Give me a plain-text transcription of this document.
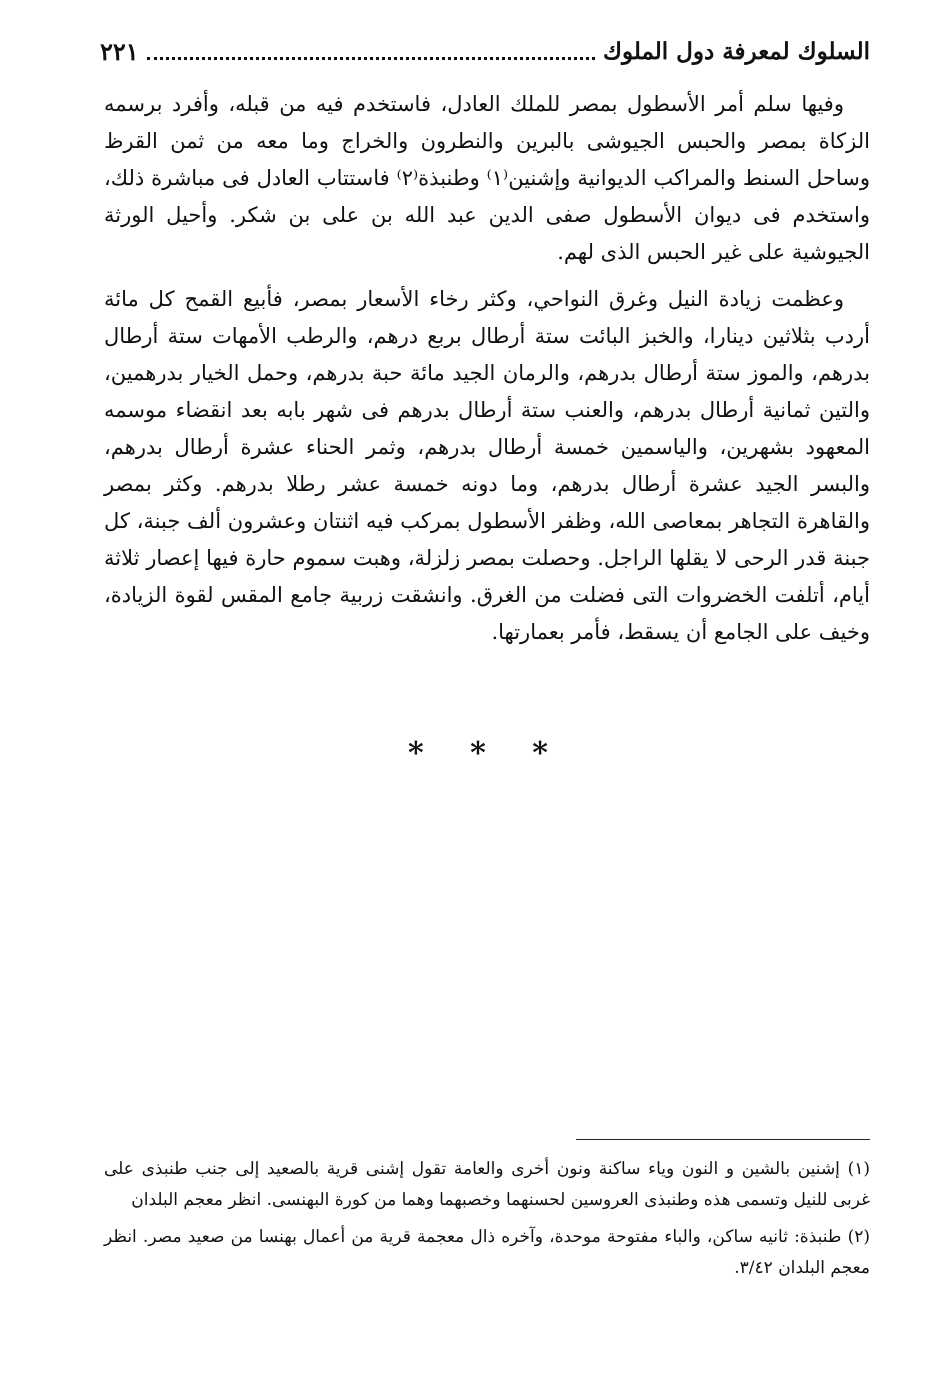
السلوك لمعرفة دول الملوك
٢٢١

وفيها سلم أمر الأسطول بمصر للملك العادل، فاستخدم فيه من قبله، وأفرد برسمه الزكاة بمصر والحبس الجيوشى بالبرين والنطرون والخراج وما معه من ثمن القرظ وساحل السنط والمراكب الديوانية وإشنين⁽١⁾ وطنبذة⁽٢⁾ فاستتاب العادل فى مباشرة ذلك، واستخدم فى ديوان الأسطول صفى الدين عبد الله بن على بن شكر. وأحيل الورثة الجيوشية على غير الحبس الذى لهم.

وعظمت زيادة النيل وغرق النواحي، وكثر رخاء الأسعار بمصر، فأبيع القمح كل مائة أردب بثلاثين دينارا، والخبز البائت ستة أرطال بربع درهم، والرطب الأمهات ستة أرطال بدرهم، والموز ستة أرطال بدرهم، والرمان الجيد مائة حبة بدرهم، وحمل الخيار بدرهمين، والتين ثمانية أرطال بدرهم، والعنب ستة أرطال بدرهم فى شهر بابه بعد انقضاء موسمه المعهود بشهرين، والياسمين خمسة أرطال بدرهم، وثمر الحناء عشرة أرطال بدرهم، والبسر الجيد عشرة أرطال بدرهم، وما دونه خمسة عشر رطلا بدرهم. وكثر بمصر والقاهرة التجاهر بمعاصى الله، وظفر الأسطول بمركب فيه اثنتان وعشرون ألف جبنة، كل جبنة قدر الرحى لا يقلها الراجل. وحصلت بمصر زلزلة، وهبت سموم حارة فيها إعصار ثلاثة أيام، أتلفت الخضروات التى فضلت من الغرق. وانشقت زربية جامع المقس لقوة الزيادة، وخيف على الجامع أن يسقط، فأمر بعمارتها.

* * *

(١) إشنين بالشين و النون وياء ساكنة ونون أخرى والعامة تقول إشنى قرية بالصعيد إلى جنب طنبذى على غربى للنيل وتسمى هذه وطنبذى العروسين لحسنهما وخصبهما وهما من كورة البهنسى. انظر معجم البلدان

(٢) طنبذة: ثانيه ساكن، والباء مفتوحة موحدة، وآخره ذال معجمة قرية من أعمال بهنسا من صعيد مصر. انظر معجم البلدان ٣/٤٢.
